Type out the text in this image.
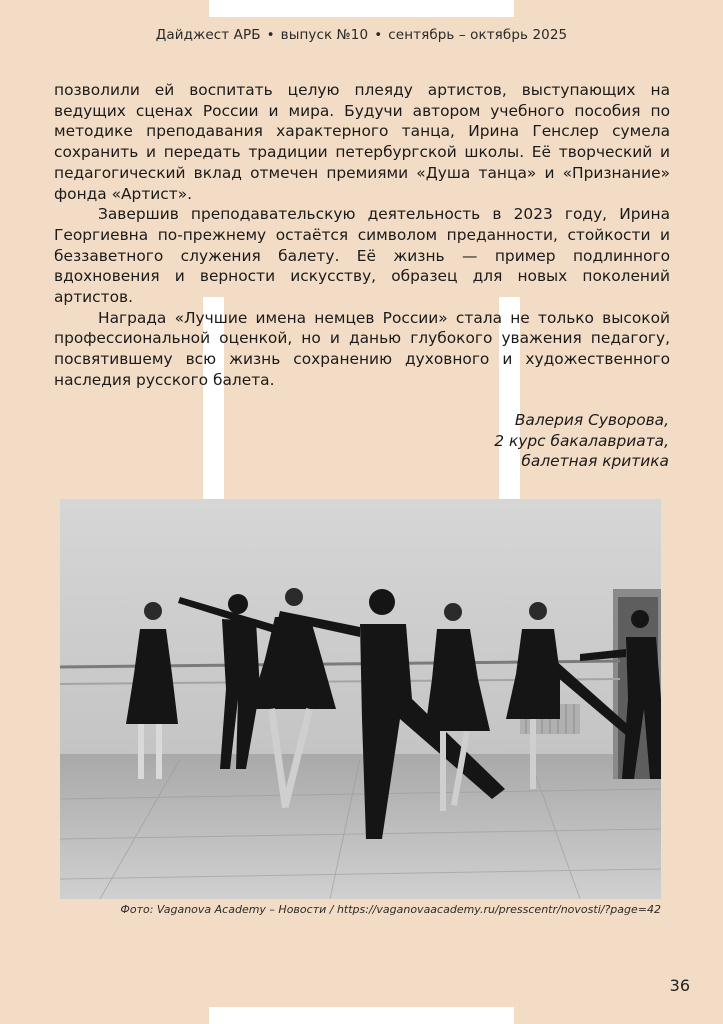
Дайджест АРБ • выпуск №10 • сентябрь – октябрь 2025

позволили ей воспитать целую плеяду артистов, выступающих на ведущих сценах России и мира. Будучи автором учебного пособия по методике преподавания характерного танца, Ирина Генслер сумела сохранить и передать традиции петербургской школы. Её творческий и педагогический вклад отмечен премиями «Душа танца» и «Признание» фонда «Артист».

Завершив преподавательскую деятельность в 2023 году, Ирина Георгиевна по-прежнему остаётся символом преданности, стойкости и беззаветного служения балету. Её жизнь — пример подлинного вдохновения и верности искусству, образец для новых поколений артистов.

Награда «Лучшие имена немцев России» стала не только высокой профессиональной оценкой, но и данью глубокого уважения педагогу, посвятившему всю жизнь сохранению духовного и художественного наследия русского балета.

Валерия Суворова,
2 курс бакалавриата,
балетная критика
Фото: Vaganova Academy – Новости / https://vaganovaacademy.ru/presscentr/novosti/?page=42
36
